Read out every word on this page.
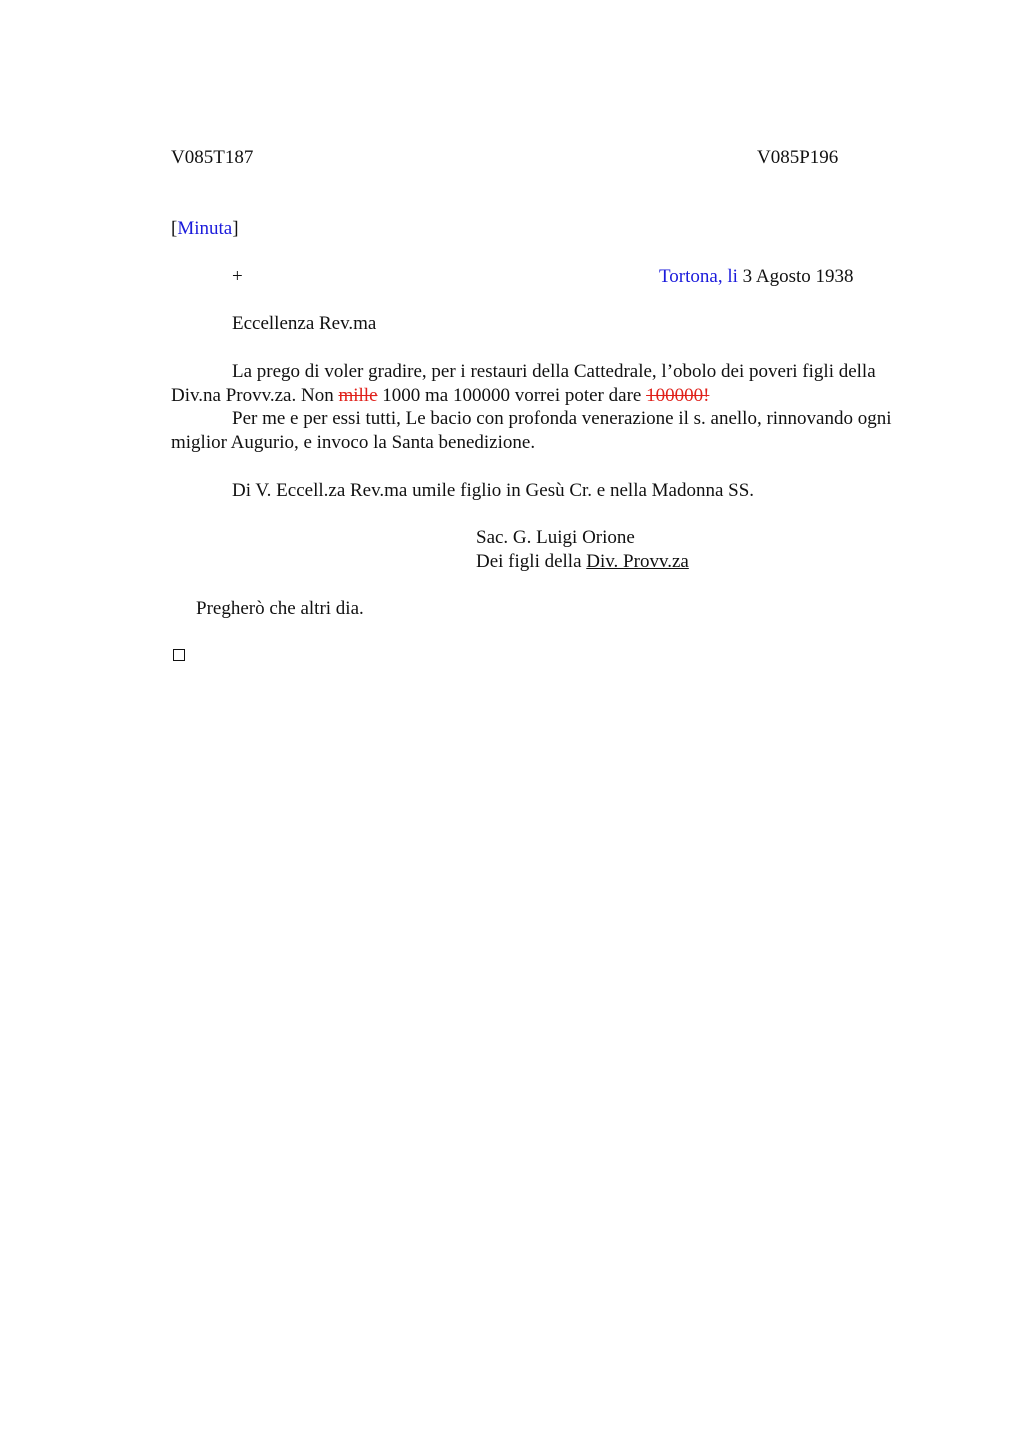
V085T187	V085P196
[Minuta]
+	Tortona, li 3 Agosto 1938
Eccellenza Rev.ma
La prego di voler gradire, per i restauri della Cattedrale, l’obolo dei poveri figli della Div.na Provv.za. Non mille 1000 ma 100000 vorrei poter dare 100000!
Per me e per essi tutti, Le bacio con profonda venerazione il s. anello, rinnovando ogni miglior Augurio, e invoco la Santa benedizione.
Di V. Eccell.za Rev.ma umile figlio in Gesù Cr. e nella Madonna SS.
Sac. G. Luigi Orione
Dei figli della Div. Provv.za
Pregherò che altri dia.
